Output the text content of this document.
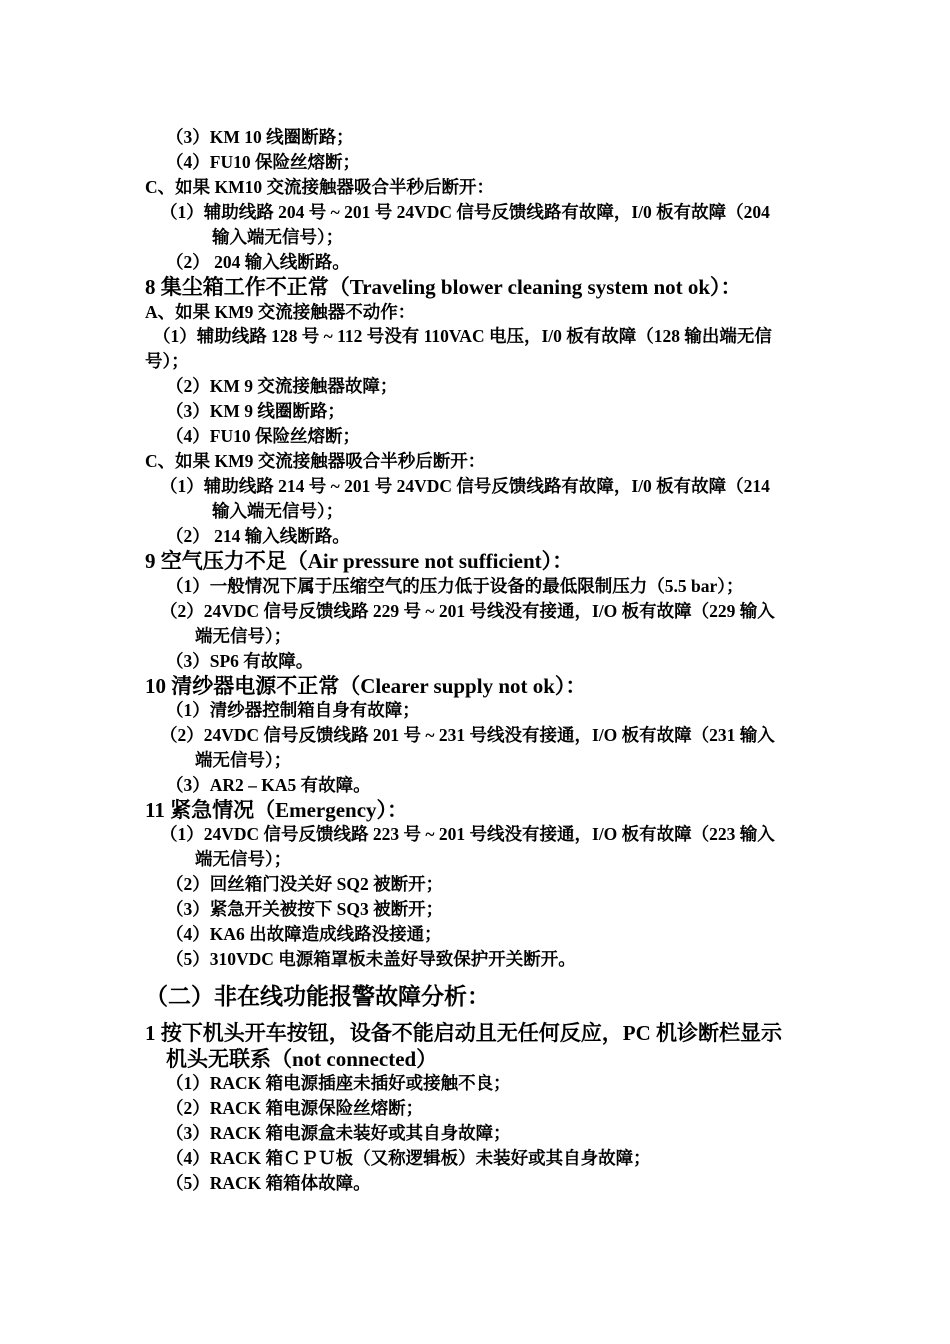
（3）KM 10 线圈断路；
（4）FU10 保险丝熔断；
C、如果 KM10 交流接触器吸合半秒后断开：
（1）辅助线路 204 号 ~ 201 号 24VDC 信号反馈线路有故障，I/0 板有故障（204
输入端无信号）；
（2） 204 输入线断路。
8 集尘箱工作不正常（Traveling blower cleaning system not ok）：
A、如果 KM9 交流接触器不动作：
（1）辅助线路 128 号 ~ 112 号没有 110VAC 电压，I/0 板有故障（128 输出端无信
号）；
（2）KM 9 交流接触器故障；
（3）KM 9 线圈断路；
（4）FU10 保险丝熔断；
C、如果 KM9 交流接触器吸合半秒后断开：
（1）辅助线路 214 号 ~ 201 号 24VDC 信号反馈线路有故障，I/0 板有故障（214
输入端无信号）；
（2） 214 输入线断路。
9 空气压力不足（Air pressure not sufficient）：
（1）一般情况下属于压缩空气的压力低于设备的最低限制压力（5.5 bar）；
（2）24VDC 信号反馈线路 229 号 ~ 201 号线没有接通，I/O 板有故障（229 输入
端无信号）；
（3）SP6 有故障。
10 清纱器电源不正常（Clearer supply not ok）：
（1）清纱器控制箱自身有故障；
（2）24VDC 信号反馈线路 201 号 ~ 231 号线没有接通，I/O 板有故障（231 输入
端无信号）；
（3）AR2 – KA5 有故障。
11 紧急情况（Emergency）：
（1）24VDC 信号反馈线路 223 号 ~ 201 号线没有接通，I/O 板有故障（223 输入
端无信号）；
（2）回丝箱门没关好 SQ2 被断开；
（3）紧急开关被按下 SQ3 被断开；
（4）KA6 出故障造成线路没接通；
（5）310VDC 电源箱罩板未盖好导致保护开关断开。
（二）非在线功能报警故障分析：
1 按下机头开车按钮，设备不能启动且无任何反应，PC 机诊断栏显示
机头无联系（not connected）
（1）RACK 箱电源插座未插好或接触不良；
（2）RACK 箱电源保险丝熔断；
（3）RACK 箱电源盒未装好或其自身故障；
（4）RACK 箱ＣＰＵ板（又称逻辑板）未装好或其自身故障；
（5）RACK 箱箱体故障。
